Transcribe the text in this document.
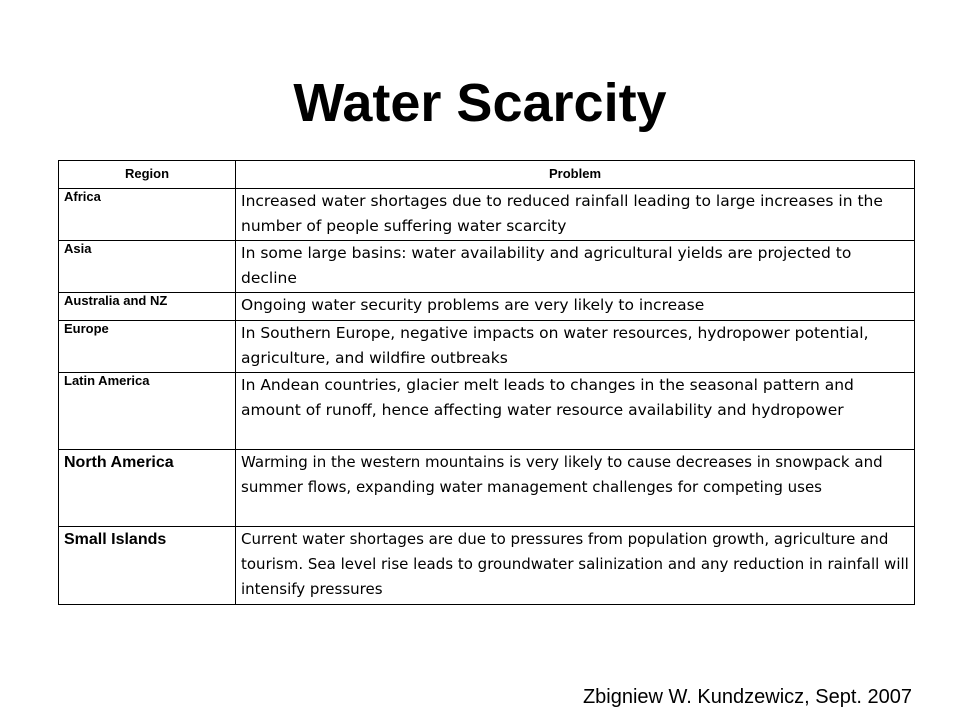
Water Scarcity
Region	Problem
Africa	Increased water shortages due to reduced rainfall leading to large increases in the number of people suffering water scarcity
Asia	In some large basins: water availability and agricultural yields are projected to decline
Australia and NZ	Ongoing water security problems are very likely to increase
Europe	In Southern Europe, negative impacts on water resources, hydropower potential, agriculture, and wildfire outbreaks
Latin America	In Andean countries, glacier melt leads to changes in the seasonal pattern and amount of runoff, hence affecting water resource availability and hydropower
North America	Warming in the western mountains is very likely to cause decreases in snowpack and summer flows, expanding water management challenges for competing uses
Small Islands	Current water shortages are due to pressures from population growth, agriculture and tourism. Sea level rise leads to groundwater salinization and any reduction in rainfall will intensify pressures
Zbigniew W. Kundzewicz, Sept. 2007
